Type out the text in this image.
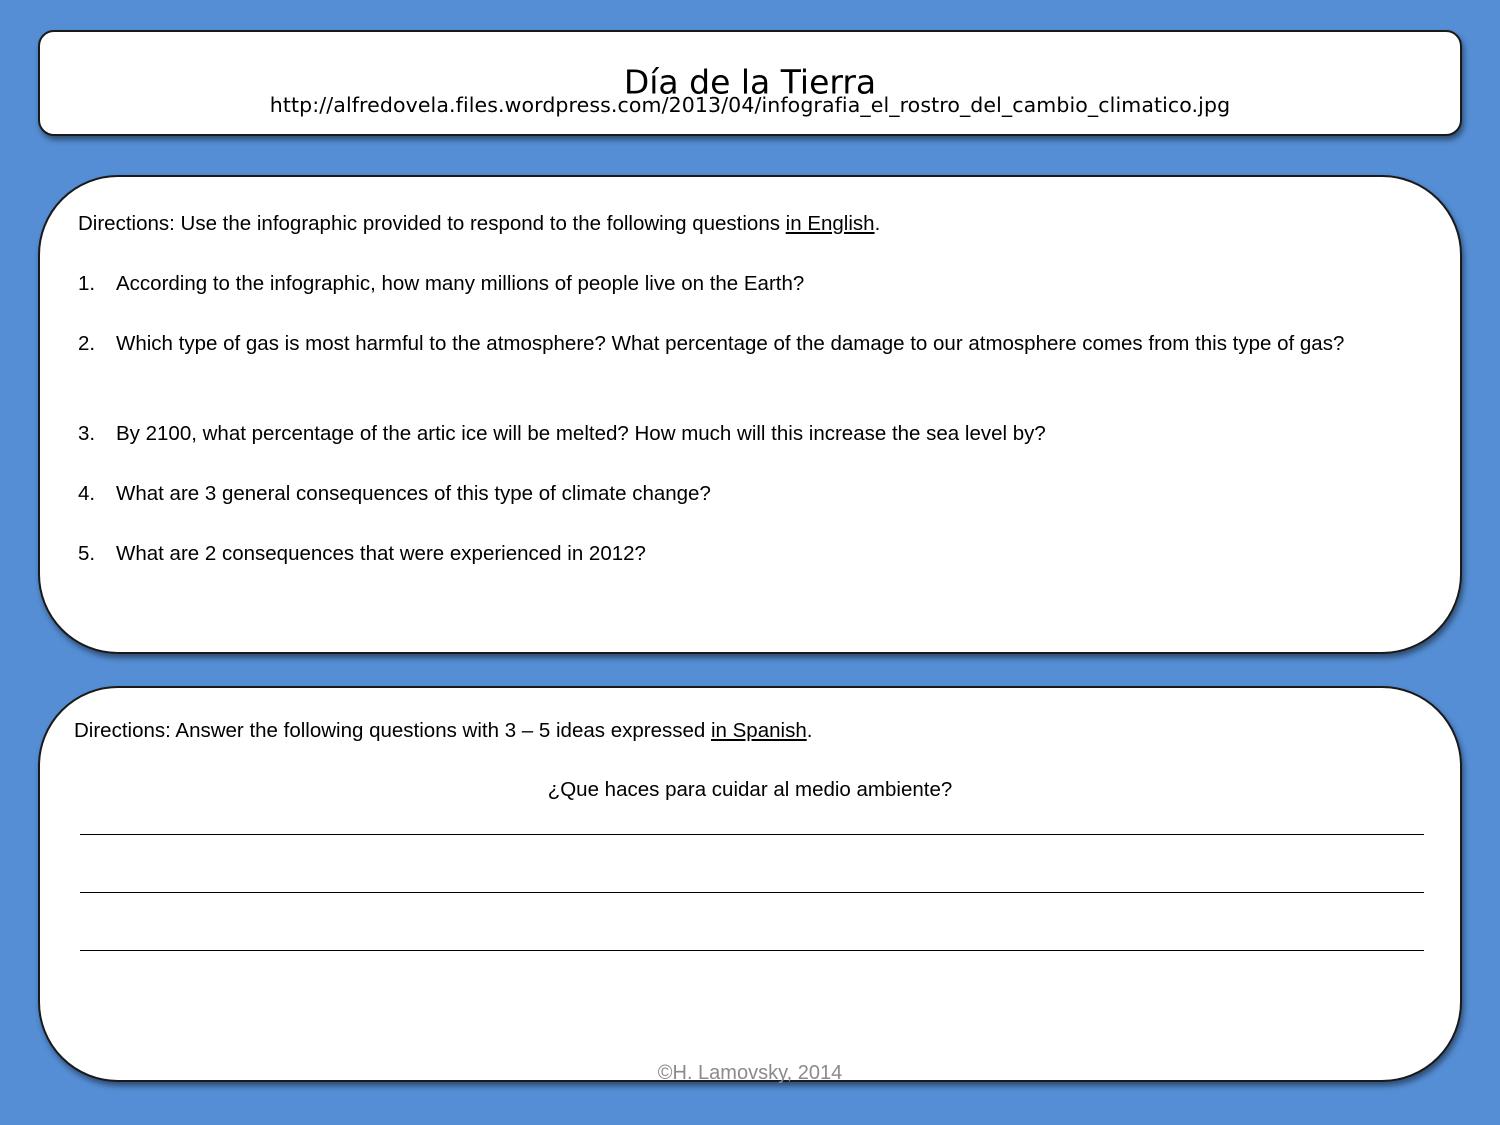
Día de la Tierra
http://alfredovela.files.wordpress.com/2013/04/infografia_el_rostro_del_cambio_climatico.jpg
Directions: Use the infographic provided to respond to the following questions in English.
1.	According to the infographic, how many millions of people live on the Earth?
2.	Which type of gas is most harmful to the atmosphere? What percentage of the damage to our atmosphere comes from this type of gas?
3.	By 2100, what percentage of the artic ice will be melted? How much will this increase the sea level by?
4.	What are 3 general consequences of this type of climate change?
5.	What are 2 consequences that were experienced in 2012?
Directions: Answer the following questions with 3 – 5 ideas expressed in Spanish.
¿Que haces para cuidar al medio ambiente?
©H. Lamovsky, 2014
